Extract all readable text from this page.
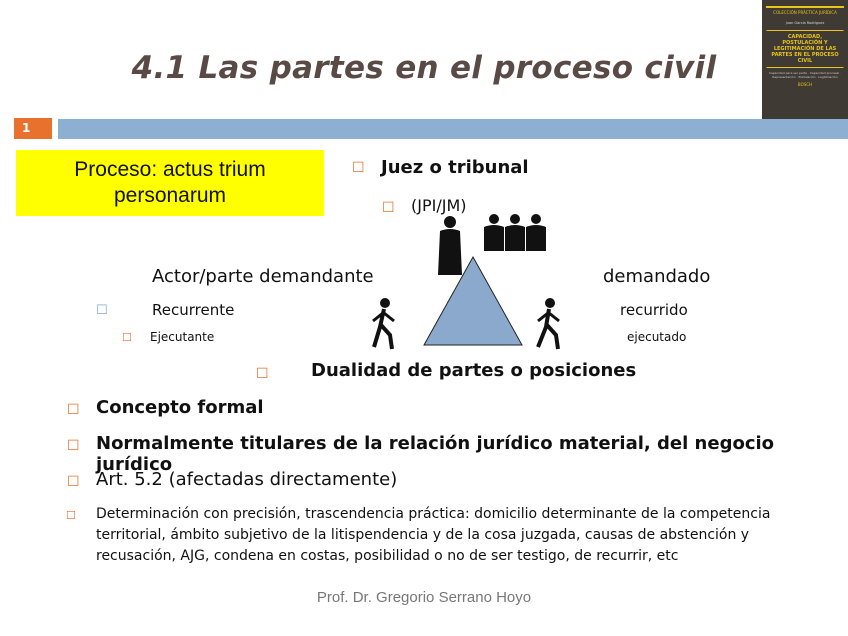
4.1 Las partes en el proceso civil
COLECCIÓN PRÁCTICA JURÍDICA
Juan García Rodríguez
CAPACIDAD, POSTULACIÓN Y LEGITIMACIÓN DE LAS PARTES EN EL PROCESO CIVIL
Capacidad para ser parte · Capacidad procesal · Representación · Postulación · Legitimación
BOSCH
1
Proceso: actus trium
personarum
☐ Juez o tribunal
☐ (JPI/JM)
Actor/parte demandante
☐	Recurrente
☐ Ejecutante
demandado
recurrido
ejecutado
☐ Dualidad de partes o posiciones
☐ Concepto formal
☐ Normalmente titulares de la relación jurídico material, del negocio jurídico
☐ Art. 5.2 (afectadas directamente)
☐ Determinación con precisión, trascendencia práctica: domicilio determinante de la competencia
territorial, ámbito subjetivo de la litispendencia y de la cosa juzgada, causas de abstención y
recusación, AJG, condena en costas, posibilidad o no de ser testigo, de recurrir, etc
Prof. Dr. Gregorio Serrano Hoyo
